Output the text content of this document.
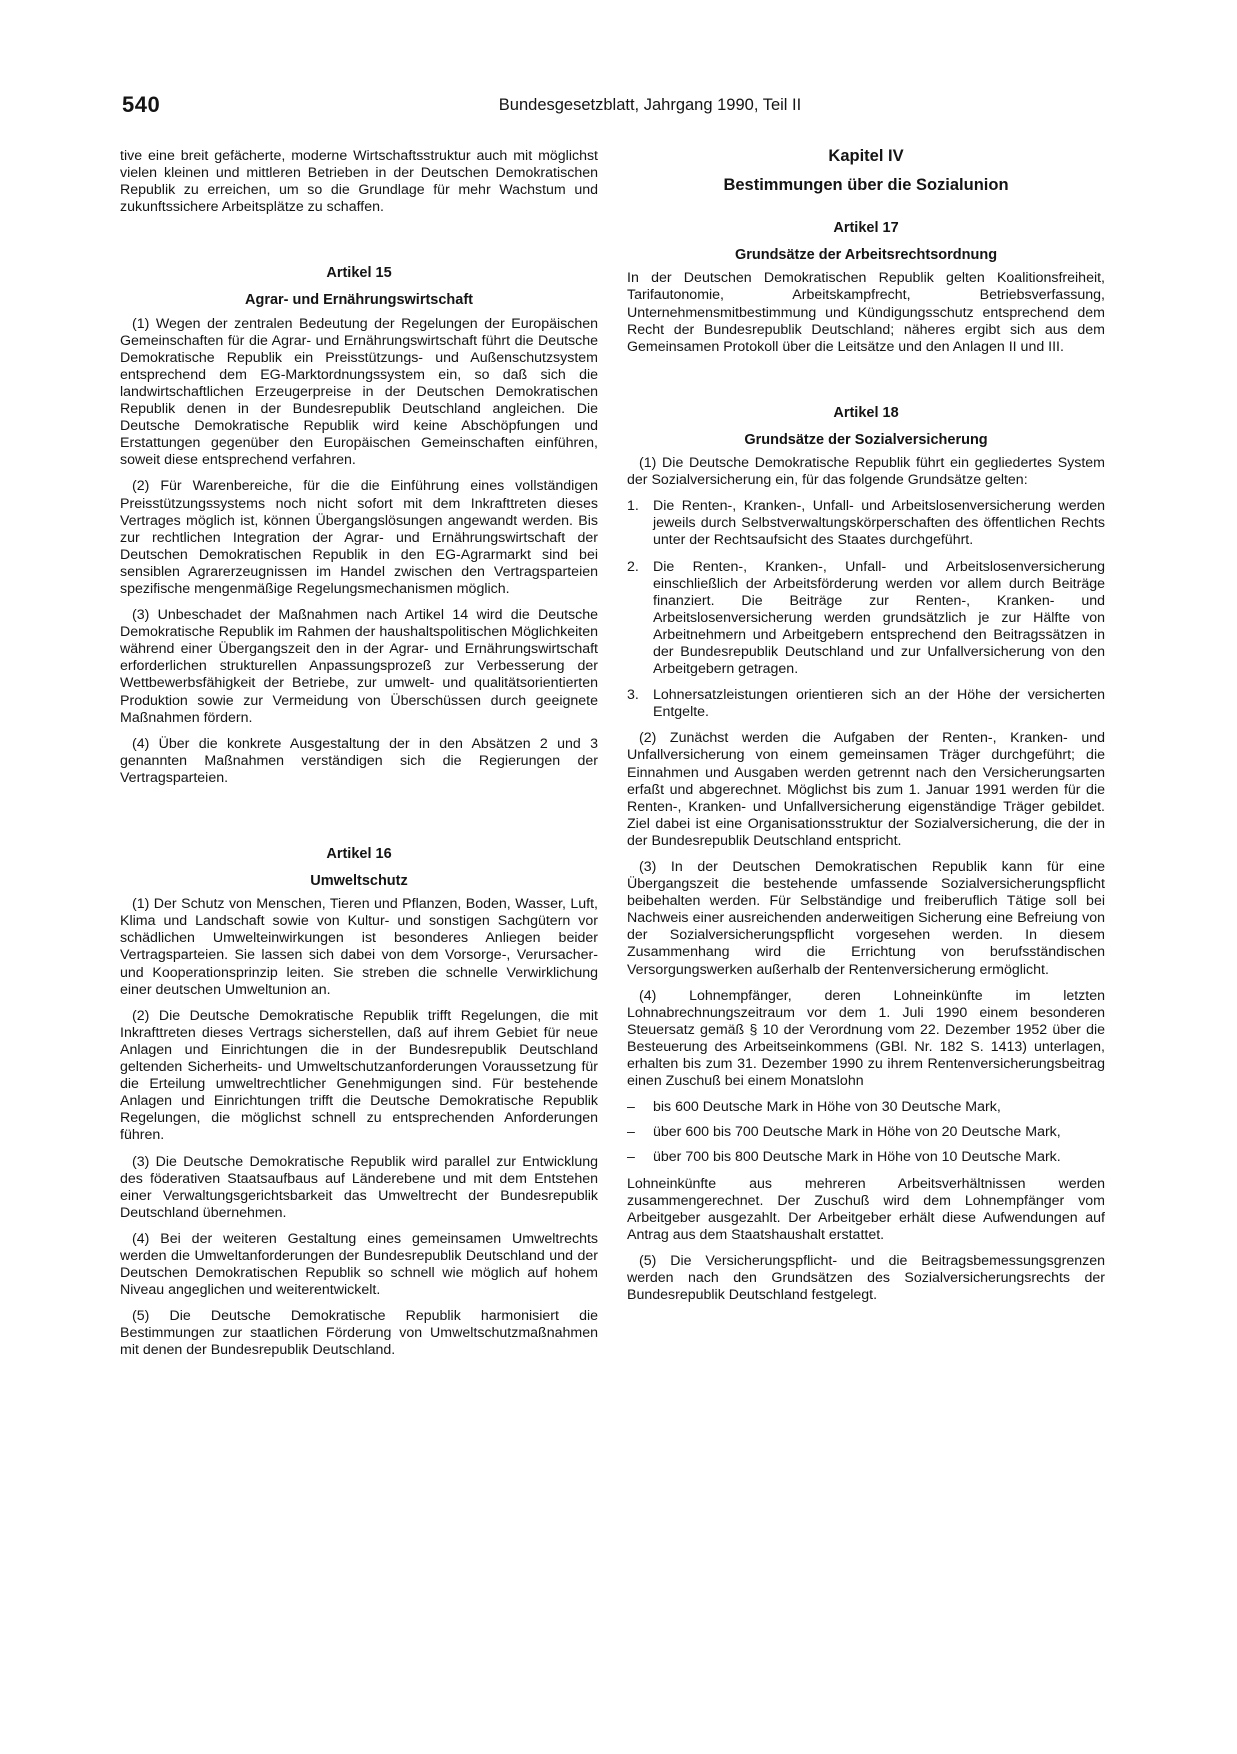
540	Bundesgesetzblatt, Jahrgang 1990, Teil II

tive eine breit gefächerte, moderne Wirtschaftsstruktur auch mit möglichst vielen kleinen und mittleren Betrieben in der Deutschen Demokratischen Republik zu erreichen, um so die Grundlage für mehr Wachstum und zukunftssichere Arbeitsplätze zu schaffen.

Artikel 15
Agrar- und Ernährungswirtschaft

(1) Wegen der zentralen Bedeutung der Regelungen der Europäischen Gemeinschaften für die Agrar- und Ernährungswirtschaft führt die Deutsche Demokratische Republik ein Preisstützungs- und Außenschutzsystem entsprechend dem EG-Marktordnungssystem ein, so daß sich die landwirtschaftlichen Erzeugerpreise in der Deutschen Demokratischen Republik denen in der Bundesrepublik Deutschland angleichen. Die Deutsche Demokratische Republik wird keine Abschöpfungen und Erstattungen gegenüber den Europäischen Gemeinschaften einführen, soweit diese entsprechend verfahren.

(2) Für Warenbereiche, für die die Einführung eines vollständigen Preisstützungssystems noch nicht sofort mit dem Inkrafttreten dieses Vertrages möglich ist, können Übergangslösungen angewandt werden. Bis zur rechtlichen Integration der Agrar- und Ernährungswirtschaft der Deutschen Demokratischen Republik in den EG-Agrarmarkt sind bei sensiblen Agrarerzeugnissen im Handel zwischen den Vertragsparteien spezifische mengenmäßige Regelungsmechanismen möglich.

(3) Unbeschadet der Maßnahmen nach Artikel 14 wird die Deutsche Demokratische Republik im Rahmen der haushaltspolitischen Möglichkeiten während einer Übergangszeit den in der Agrar- und Ernährungswirtschaft erforderlichen strukturellen Anpassungsprozeß zur Verbesserung der Wettbewerbsfähigkeit der Betriebe, zur umwelt- und qualitätsorientierten Produktion sowie zur Vermeidung von Überschüssen durch geeignete Maßnahmen fördern.

(4) Über die konkrete Ausgestaltung der in den Absätzen 2 und 3 genannten Maßnahmen verständigen sich die Regierungen der Vertragsparteien.

Artikel 16
Umweltschutz

(1) Der Schutz von Menschen, Tieren und Pflanzen, Boden, Wasser, Luft, Klima und Landschaft sowie von Kultur- und sonstigen Sachgütern vor schädlichen Umwelteinwirkungen ist besonderes Anliegen beider Vertragsparteien. Sie lassen sich dabei von dem Vorsorge-, Verursacher- und Kooperationsprinzip leiten. Sie streben die schnelle Verwirklichung einer deutschen Umweltunion an.

(2) Die Deutsche Demokratische Republik trifft Regelungen, die mit Inkrafttreten dieses Vertrags sicherstellen, daß auf ihrem Gebiet für neue Anlagen und Einrichtungen die in der Bundesrepublik Deutschland geltenden Sicherheits- und Umweltschutzanforderungen Voraussetzung für die Erteilung umweltrechtlicher Genehmigungen sind. Für bestehende Anlagen und Einrichtungen trifft die Deutsche Demokratische Republik Regelungen, die möglichst schnell zu entsprechenden Anforderungen führen.

(3) Die Deutsche Demokratische Republik wird parallel zur Entwicklung des föderativen Staatsaufbaus auf Länderebene und mit dem Entstehen einer Verwaltungsgerichtsbarkeit das Umweltrecht der Bundesrepublik Deutschland übernehmen.

(4) Bei der weiteren Gestaltung eines gemeinsamen Umweltrechts werden die Umweltanforderungen der Bundesrepublik Deutschland und der Deutschen Demokratischen Republik so schnell wie möglich auf hohem Niveau angeglichen und weiterentwickelt.

(5) Die Deutsche Demokratische Republik harmonisiert die Bestimmungen zur staatlichen Förderung von Umweltschutzmaßnahmen mit denen der Bundesrepublik Deutschland.

Kapitel IV
Bestimmungen über die Sozialunion
Artikel 17
Grundsätze der Arbeitsrechtsordnung

In der Deutschen Demokratischen Republik gelten Koalitionsfreiheit, Tarifautonomie, Arbeitskampfrecht, Betriebsverfassung, Unternehmensmitbestimmung und Kündigungsschutz entsprechend dem Recht der Bundesrepublik Deutschland; näheres ergibt sich aus dem Gemeinsamen Protokoll über die Leitsätze und den Anlagen II und III.

Artikel 18
Grundsätze der Sozialversicherung

(1) Die Deutsche Demokratische Republik führt ein gegliedertes System der Sozialversicherung ein, für das folgende Grundsätze gelten:

1. Die Renten-, Kranken-, Unfall- und Arbeitslosenversicherung werden jeweils durch Selbstverwaltungskörperschaften des öffentlichen Rechts unter der Rechtsaufsicht des Staates durchgeführt.
2. Die Renten-, Kranken-, Unfall- und Arbeitslosenversicherung einschließlich der Arbeitsförderung werden vor allem durch Beiträge finanziert. Die Beiträge zur Renten-, Kranken- und Arbeitslosenversicherung werden grundsätzlich je zur Hälfte von Arbeitnehmern und Arbeitgebern entsprechend den Beitragssätzen in der Bundesrepublik Deutschland und zur Unfallversicherung von den Arbeitgebern getragen.
3. Lohnersatzleistungen orientieren sich an der Höhe der versicherten Entgelte.

(2) Zunächst werden die Aufgaben der Renten-, Kranken- und Unfallversicherung von einem gemeinsamen Träger durchgeführt; die Einnahmen und Ausgaben werden getrennt nach den Versicherungsarten erfaßt und abgerechnet. Möglichst bis zum 1. Januar 1991 werden für die Renten-, Kranken- und Unfallversicherung eigenständige Träger gebildet. Ziel dabei ist eine Organisationsstruktur der Sozialversicherung, die der in der Bundesrepublik Deutschland entspricht.

(3) In der Deutschen Demokratischen Republik kann für eine Übergangszeit die bestehende umfassende Sozialversicherungspflicht beibehalten werden. Für Selbständige und freiberuflich Tätige soll bei Nachweis einer ausreichenden anderweitigen Sicherung eine Befreiung von der Sozialversicherungspflicht vorgesehen werden. In diesem Zusammenhang wird die Errichtung von berufsständischen Versorgungswerken außerhalb der Rentenversicherung ermöglicht.

(4) Lohnempfänger, deren Lohneinkünfte im letzten Lohnabrechnungszeitraum vor dem 1. Juli 1990 einem besonderen Steuersatz gemäß § 10 der Verordnung vom 22. Dezember 1952 über die Besteuerung des Arbeitseinkommens (GBl. Nr. 182 S. 1413) unterlagen, erhalten bis zum 31. Dezember 1990 zu ihrem Rentenversicherungsbeitrag einen Zuschuß bei einem Monatslohn

–	bis 600 Deutsche Mark in Höhe von 30 Deutsche Mark,
–	über 600 bis 700 Deutsche Mark in Höhe von 20 Deutsche Mark,
–	über 700 bis 800 Deutsche Mark in Höhe von 10 Deutsche Mark.

Lohneinkünfte aus mehreren Arbeitsverhältnissen werden zusammengerechnet. Der Zuschuß wird dem Lohnempfänger vom Arbeitgeber ausgezahlt. Der Arbeitgeber erhält diese Aufwendungen auf Antrag aus dem Staatshaushalt erstattet.

(5) Die Versicherungspflicht- und die Beitragsbemessungsgrenzen werden nach den Grundsätzen des Sozialversicherungsrechts der Bundesrepublik Deutschland festgelegt.
